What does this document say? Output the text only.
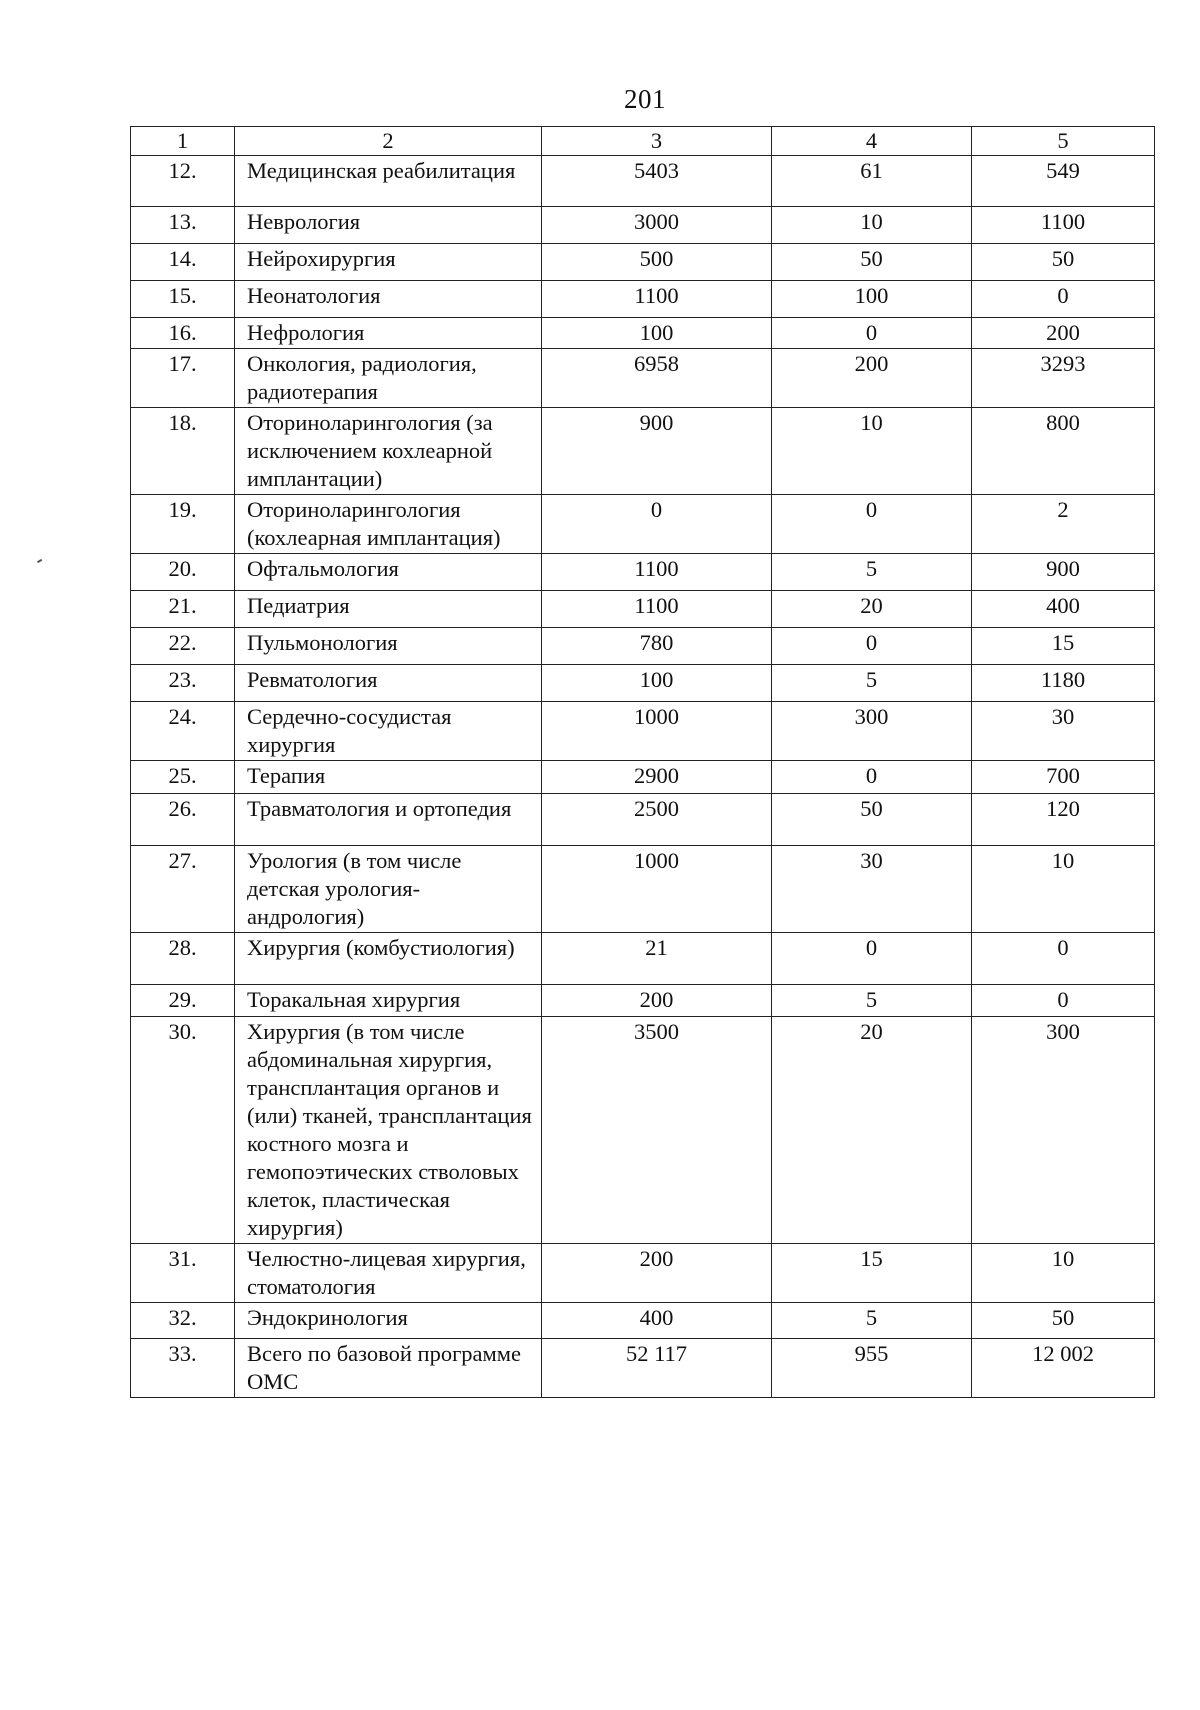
201
1	2	3	4	5
12.	Медицинская реабилитация	5403	61	549
13.	Неврология	3000	10	1100
14.	Нейрохирургия	500	50	50
15.	Неонатология	1100	100	0
16.	Нефрология	100	0	200
17.	Онкология, радиология, радиотерапия	6958	200	3293
18.	Оториноларингология (за исключением кохлеарной имплантации)	900	10	800
19.	Оториноларингология (кохлеарная имплантация)	0	0	2
20.	Офтальмология	1100	5	900
21.	Педиатрия	1100	20	400
22.	Пульмонология	780	0	15
23.	Ревматология	100	5	1180
24.	Сердечно-сосудистая хирургия	1000	300	30
25.	Терапия	2900	0	700
26.	Травматология и ортопедия	2500	50	120
27.	Урология (в том числе детская урология-андрология)	1000	30	10
28.	Хирургия (комбустиология)	21	0	0
29.	Торакальная хирургия	200	5	0
30.	Хирургия (в том числе абдоминальная хирургия, трансплантация органов и (или) тканей, трансплантация костного мозга и гемопоэтических стволовых клеток, пластическая хирургия)	3500	20	300
31.	Челюстно-лицевая хирургия, стоматология	200	15	10
32.	Эндокринология	400	5	50
33.	Всего по базовой программе ОМС	52 117	955	12 002
